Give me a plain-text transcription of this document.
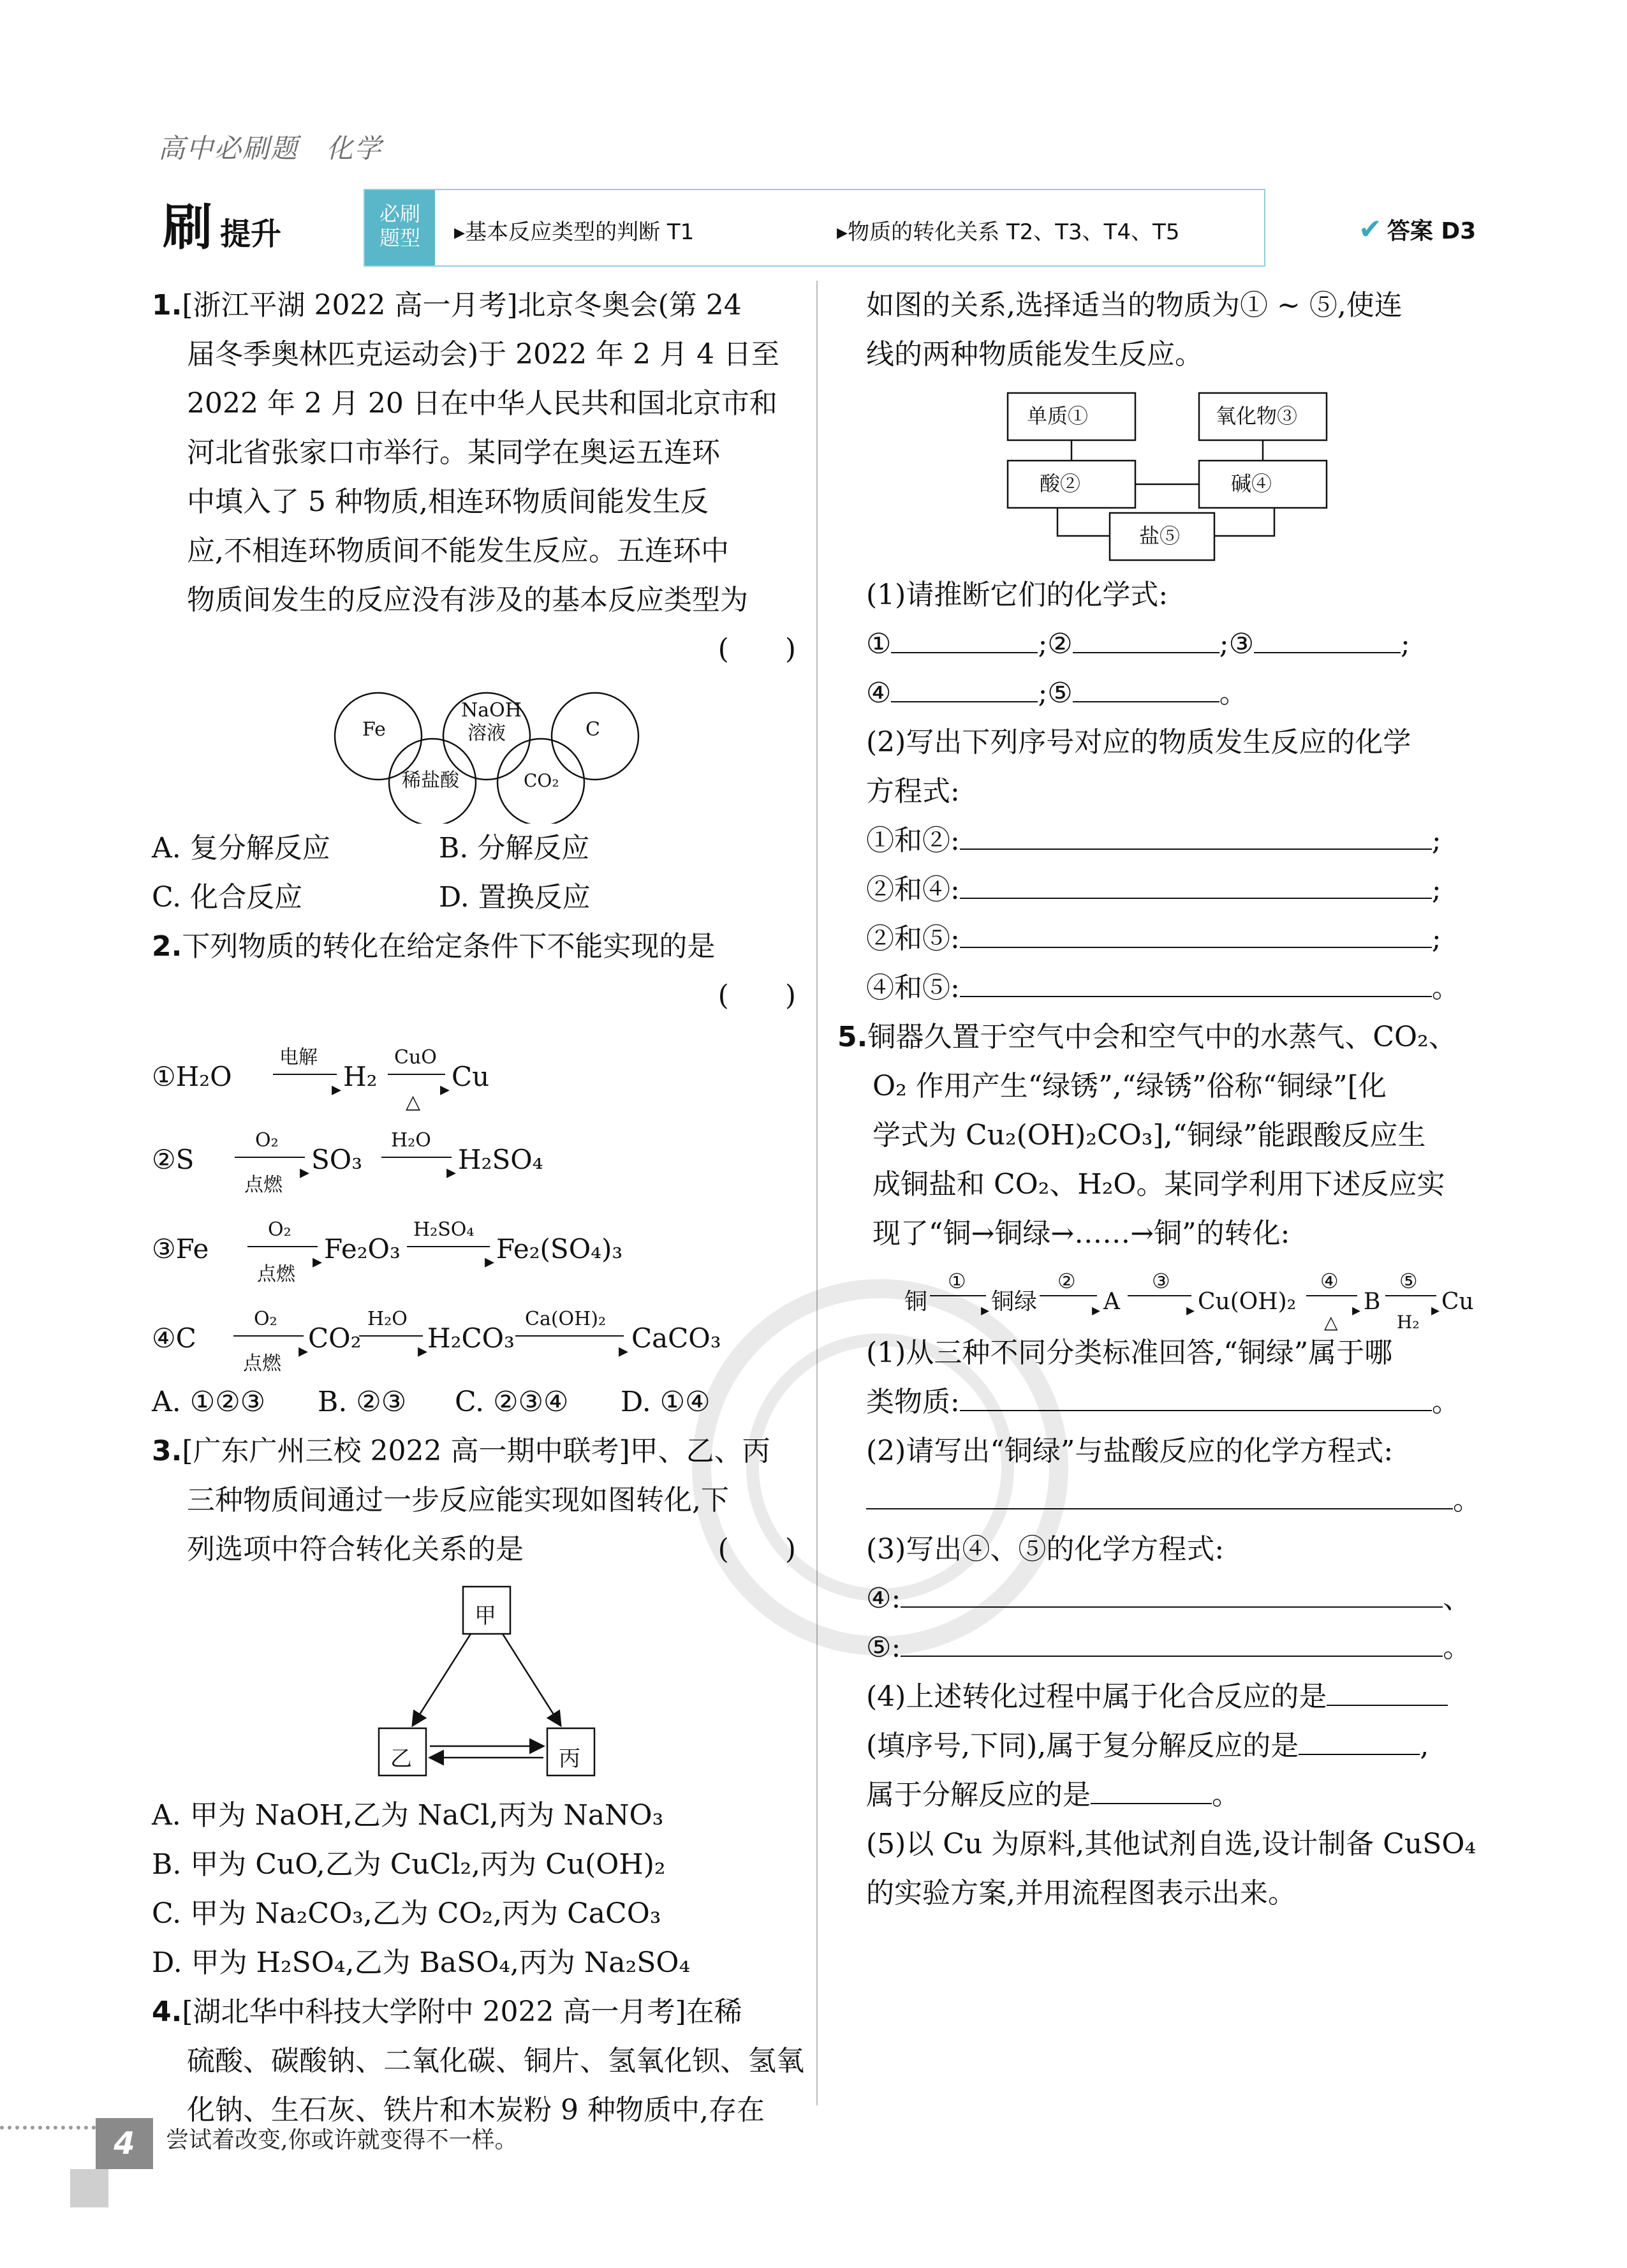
高中必刷题 化学
刷 提升
必刷
题型	▸基本反应类型的判断 T1	▸物质的转化关系 T2、T3、T4、T5	✔ 答案 D3
1.[浙江平湖 2022 高一月考]北京冬奥会(第 24
届冬季奥林匹克运动会)于 2022 年 2 月 4 日至
2022 年 2 月 20 日在中华人民共和国北京市和
河北省张家口市举行。某同学在奥运五连环
中填入了 5 种物质,相连环物质间能发生反
应,不相连环物质间不能发生反应。五连环中
物质间发生的反应没有涉及的基本反应类型为
(　　)

Fe
NaOH
溶液	C
稀盐酸	CO₂
A. 复分解反应	B. 分解反应
C. 化合反应	D. 置换反应
2.下列物质的转化在给定条件下不能实现的是
(　　)

①H₂O
电解
▸ H₂
CuO
▸
△
Cu
②S
O₂
▸
点燃
SO₃
H₂O
▸ H₂SO₄
③Fe
O₂
▸
点燃
Fe₂O₃
H₂SO₄
▸ Fe₂(SO₄)₃
④C
O₂
▸
点燃
CO₂
H₂O
▸ H₂CO₃
Ca(OH)₂
▸ CaCO₃
A. ①②③ B. ②③ C. ②③④ D. ①④
3.[广东广州三校 2022 高一期中联考]甲、乙、丙
三种物质间通过一步反应能实现如图转化,下
列选项中符合转化关系的是	(　　)
甲
乙	丙
A. 甲为 NaOH,乙为 NaCl,丙为 NaNO₃
B. 甲为 CuO,乙为 CuCl₂,丙为 Cu(OH)₂
C. 甲为 Na₂CO₃,乙为 CO₂,丙为 CaCO₃
D. 甲为 H₂SO₄,乙为 BaSO₄,丙为 Na₂SO₄
4.[湖北华中科技大学附中 2022 高一月考]在稀
硫酸、碳酸钠、二氧化碳、铜片、氢氧化钡、氢氧
化钠、生石灰、铁片和木炭粉 9 种物质中,存在
如图的关系,选择适当的物质为① ~ ⑤,使连
线的两种物质能发生反应。
单质①	氧化物③
酸②	碱④
盐⑤
(1)请推断它们的化学式:
①	;②	;③	;
④	;⑤	。
(2)写出下列序号对应的物质发生反应的化学
方程式:
①和②:	;
②和④:	;
②和⑤:	;
④和⑤:	。
5.铜器久置于空气中会和空气中的水蒸气、CO₂、
O₂ 作用产生“绿锈”,“绿锈”俗称“铜绿”[化
学式为 Cu₂(OH)₂CO₃],“铜绿”能跟酸反应生
成铜盐和 CO₂、H₂O。某同学利用下述反应实
现了“铜→铜绿→……→铜”的转化:
铜
①
▸ 铜绿
②
▸ A
③
▸ Cu(OH)₂
④
▸
△
B
⑤
▸
H₂
Cu
(1)从三种不同分类标准回答,“铜绿”属于哪
类物质:	。
(2)请写出“铜绿”与盐酸反应的化学方程式:
。
(3)写出④、⑤的化学方程式:
④:	、
⑤:	。
(4)上述转化过程中属于化合反应的是
(填序号,下同),属于复分解反应的是	,
属于分解反应的是	。
(5)以 Cu 为原料,其他试剂自选,设计制备 CuSO₄
的实验方案,并用流程图表示出来。
4	尝试着改变,你或许就变得不一样。
